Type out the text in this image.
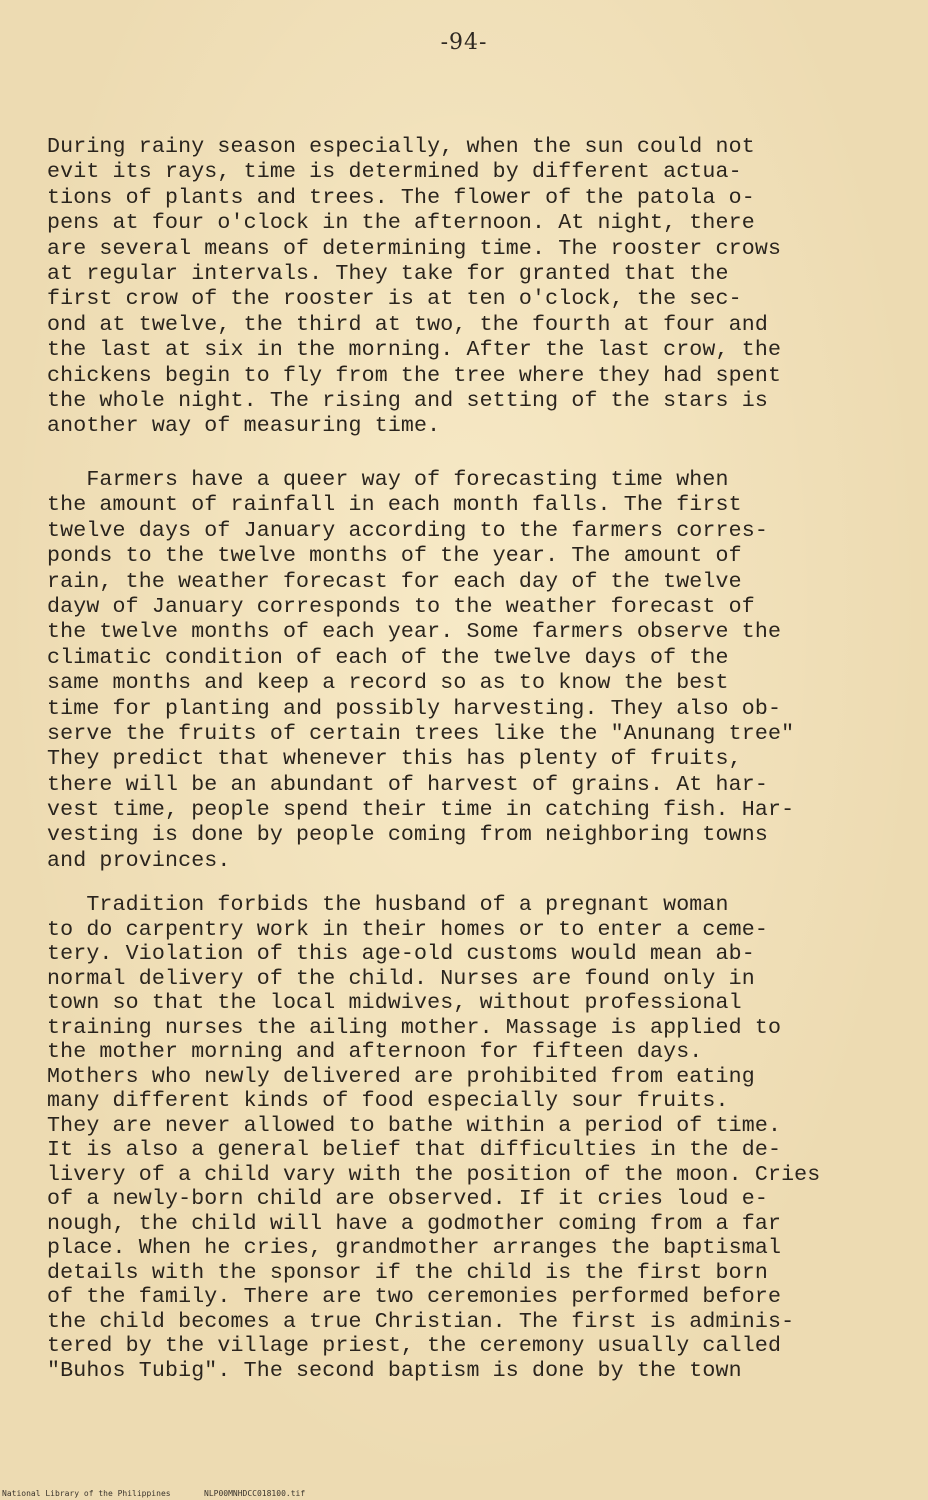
-94-
During rainy season especially, when the sun could not
evit its rays, time is determined by different actua-
tions of plants and trees. The flower of the patola o-
pens at four o'clock in the afternoon. At night, there
are several means of determining time. The rooster crows
at regular intervals. They take for granted that the
first crow of the rooster is at ten o'clock, the sec-
ond at twelve, the third at two, the fourth at four and
the last at six in the morning. After the last crow, the
chickens begin to fly from the tree where they had spent
the whole night. The rising and setting of the stars is
another way of measuring time.
Farmers have a queer way of forecasting time when
the amount of rainfall in each month falls. The first
twelve days of January according to the farmers corres-
ponds to the twelve months of the year. The amount of
rain, the weather forecast for each day of the twelve
dayw of January corresponds to the weather forecast of
the twelve months of each year. Some farmers observe the
climatic condition of each of the twelve days of the
same months and keep a record so as to know the best
time for planting and possibly harvesting. They also ob-
serve the fruits of certain trees like the "Anunang tree"
They predict that whenever this has plenty of fruits,
there will be an abundant of harvest of grains. At har-
vest time, people spend their time in catching fish. Har-
vesting is done by people coming from neighboring towns
and provinces.
Tradition forbids the husband of a pregnant woman
to do carpentry work in their homes or to enter a ceme-
tery. Violation of this age-old customs would mean ab-
normal delivery of the child. Nurses are found only in
town so that the local midwives, without professional
training nurses the ailing mother. Massage is applied to
the mother morning and afternoon for fifteen days.
Mothers who newly delivered are prohibited from eating
many different kinds of food especially sour fruits.
They are never allowed to bathe within a period of time.
It is also a general belief that difficulties in the de-
livery of a child vary with the position of the moon. Cries
of a newly-born child are observed. If it cries loud e-
nough, the child will have a godmother coming from a far
place. When he cries, grandmother arranges the baptismal
details with the sponsor if the child is the first born
of the family. There are two ceremonies performed before
the child becomes a true Christian. The first is adminis-
tered by the village priest, the ceremony usually called
"Buhos Tubig". The second baptism is done by the town
National Library of the Philippines	NLP00MNHDCC018100.tif
